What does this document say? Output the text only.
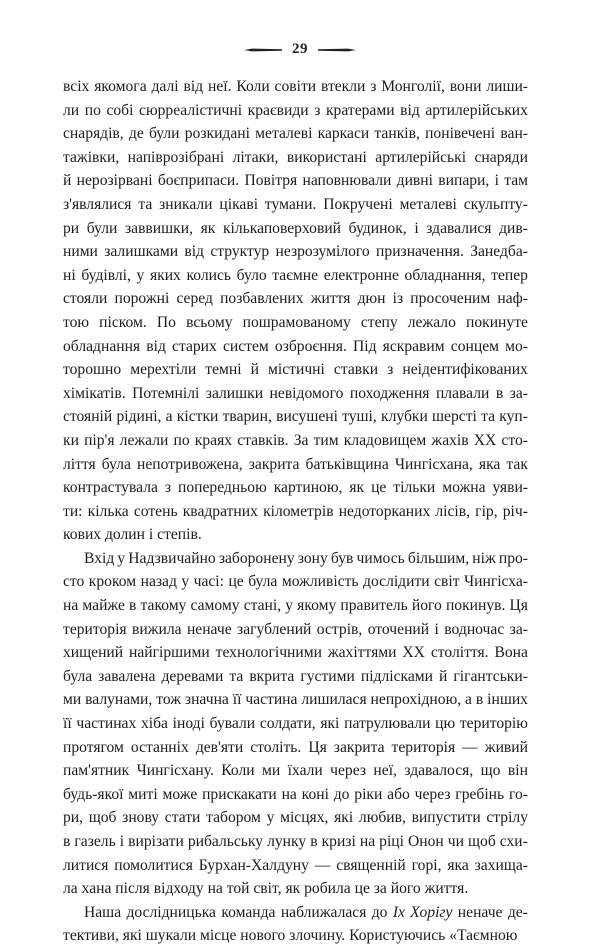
29
всіх якомога далі від неї. Коли совіти втекли з Монголії, вони лиши-
ли по собі сюрреалістичні краєвиди з кратерами від артилерійських
снарядів, де були розкидані металеві каркаси танків, понівечені ван-
тажівки, напіврозібрані літаки, використані артилерійські снаряди
й нерозірвані боєприпаси. Повітря наповнювали дивні випари, і там
з'являлися та зникали цікаві тумани. Покручені металеві скульпту-
ри були заввишки, як кількаповерховий будинок, і здавалися див-
ними залишками від структур незрозумілого призначення. Занедба-
ні будівлі, у яких колись було таємне електронне обладнання, тепер
стояли порожні серед позбавлених життя дюн із просоченим наф-
тою піском. По всьому пошрамованому степу лежало покинуте
обладнання від старих систем озброєння. Під яскравим сонцем мо-
торошно мерехтіли темні й містичні ставки з неідентифікованих
хімікатів. Потемнілі залишки невідомого походження плавали в за-
стояній рідині, а кістки тварин, висушені туші, клубки шерсті та куп-
ки пір'я лежали по краях ставків. За тим кладовищем жахів XX сто-
ліття була непотривожена, закрита батьківщина Чингісхана, яка так
контрастувала з попередньою картиною, як це тільки можна уяви-
ти: кілька сотень квадратних кілометрів недоторканих лісів, гір, річ-
кових долин і степів.
Вхід у Надзвичайно заборонену зону був чимось більшим, ніж про-
сто кроком назад у часі: це була можливість дослідити світ Чингісха-
на майже в такому самому стані, у якому правитель його покинув. Ця
територія вижила неначе загублений острів, оточений і водночас за-
хищений найгіршими технологічними жахіттями XX століття. Вона
була завалена деревами та вкрита густими підлісками й гігантськи-
ми валунами, тож значна її частина лишилася непрохідною, а в інших
її частинах хіба іноді бували солдати, які патрулювали цю територію
протягом останніх дев'яти століть. Ця закрита територія — живий
пам'ятник Чингісхану. Коли ми їхали через неї, здавалося, що він
будь-якої миті може прискакати на коні до ріки або через гребінь го-
ри, щоб знову стати табором у місцях, які любив, випустити стрілу
в газель і вирізати рибальську лунку в кризі на ріці Онон чи щоб схи-
литися помолитися Бурхан-Халдуну — священній горі, яка захища-
ла хана після відходу на той світ, як робила це за його життя.
Наша дослідницька команда наближалася до Іх Хорігу неначе де-
тективи, які шукали місце нового злочину. Користуючись «Таємною
